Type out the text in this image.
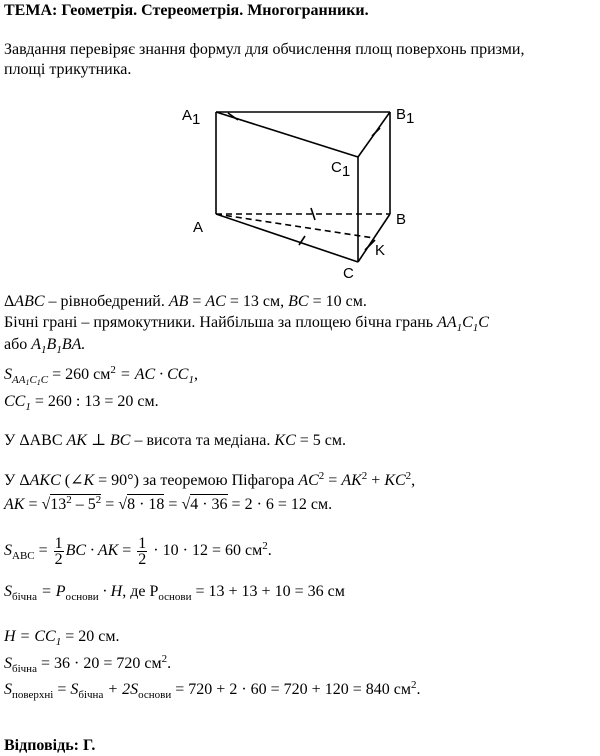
ТЕМА: Геометрія. Стереометрія. Многогранники.
Завдання перевіряє знання формул для обчислення площ поверхонь призми,
площі трикутника.
A1	B1
C1
A	B
C
K
ΔABC – рівнобедрений. AB = AC = 13 см, BC = 10 см.
Бічні грані – прямокутники. Найбільша за площею бічна грань $AA_1C_1C$
або $A_1B_1BA$.
$S_{AA1C1C} = 260$ $см^2$ = AC · $CC_1$,
$CC_1 = 260$ : 13 = 20 см.
У ΔABC AK ⊥ BC – висота та медіана. KC = 5 см.
У ΔAKC (∠K = 90°) за теоремою Піфагора $AC^2 = AK^2 + KC^2$,
AK = $√13^2 - 5^2 = √8 \cdot 18 = √4 \cdot 36 = 2 \cdot 6 = 12$ см.
$S_{ABC} = \frac{1}{2}$ BC · AK = $\frac{1}{2} \cdot 10 \cdot 12 = 60$ $см^2$.
$S_{бічна} = P_{основи} \cdot H$, де $P_{основи} = 13 + 13 + 10 = 36$ см
$H = CC_1 = 20$ см.
$S_{бічна} = 36 \cdot 20 = 720$ $см^2$.
$S_{поверхні} = S_{бічна} + 2S_{основи} = 720 + 2 \cdot 60 = 720 + 120 = 840$ $см^2$.
Відповідь: Г.
